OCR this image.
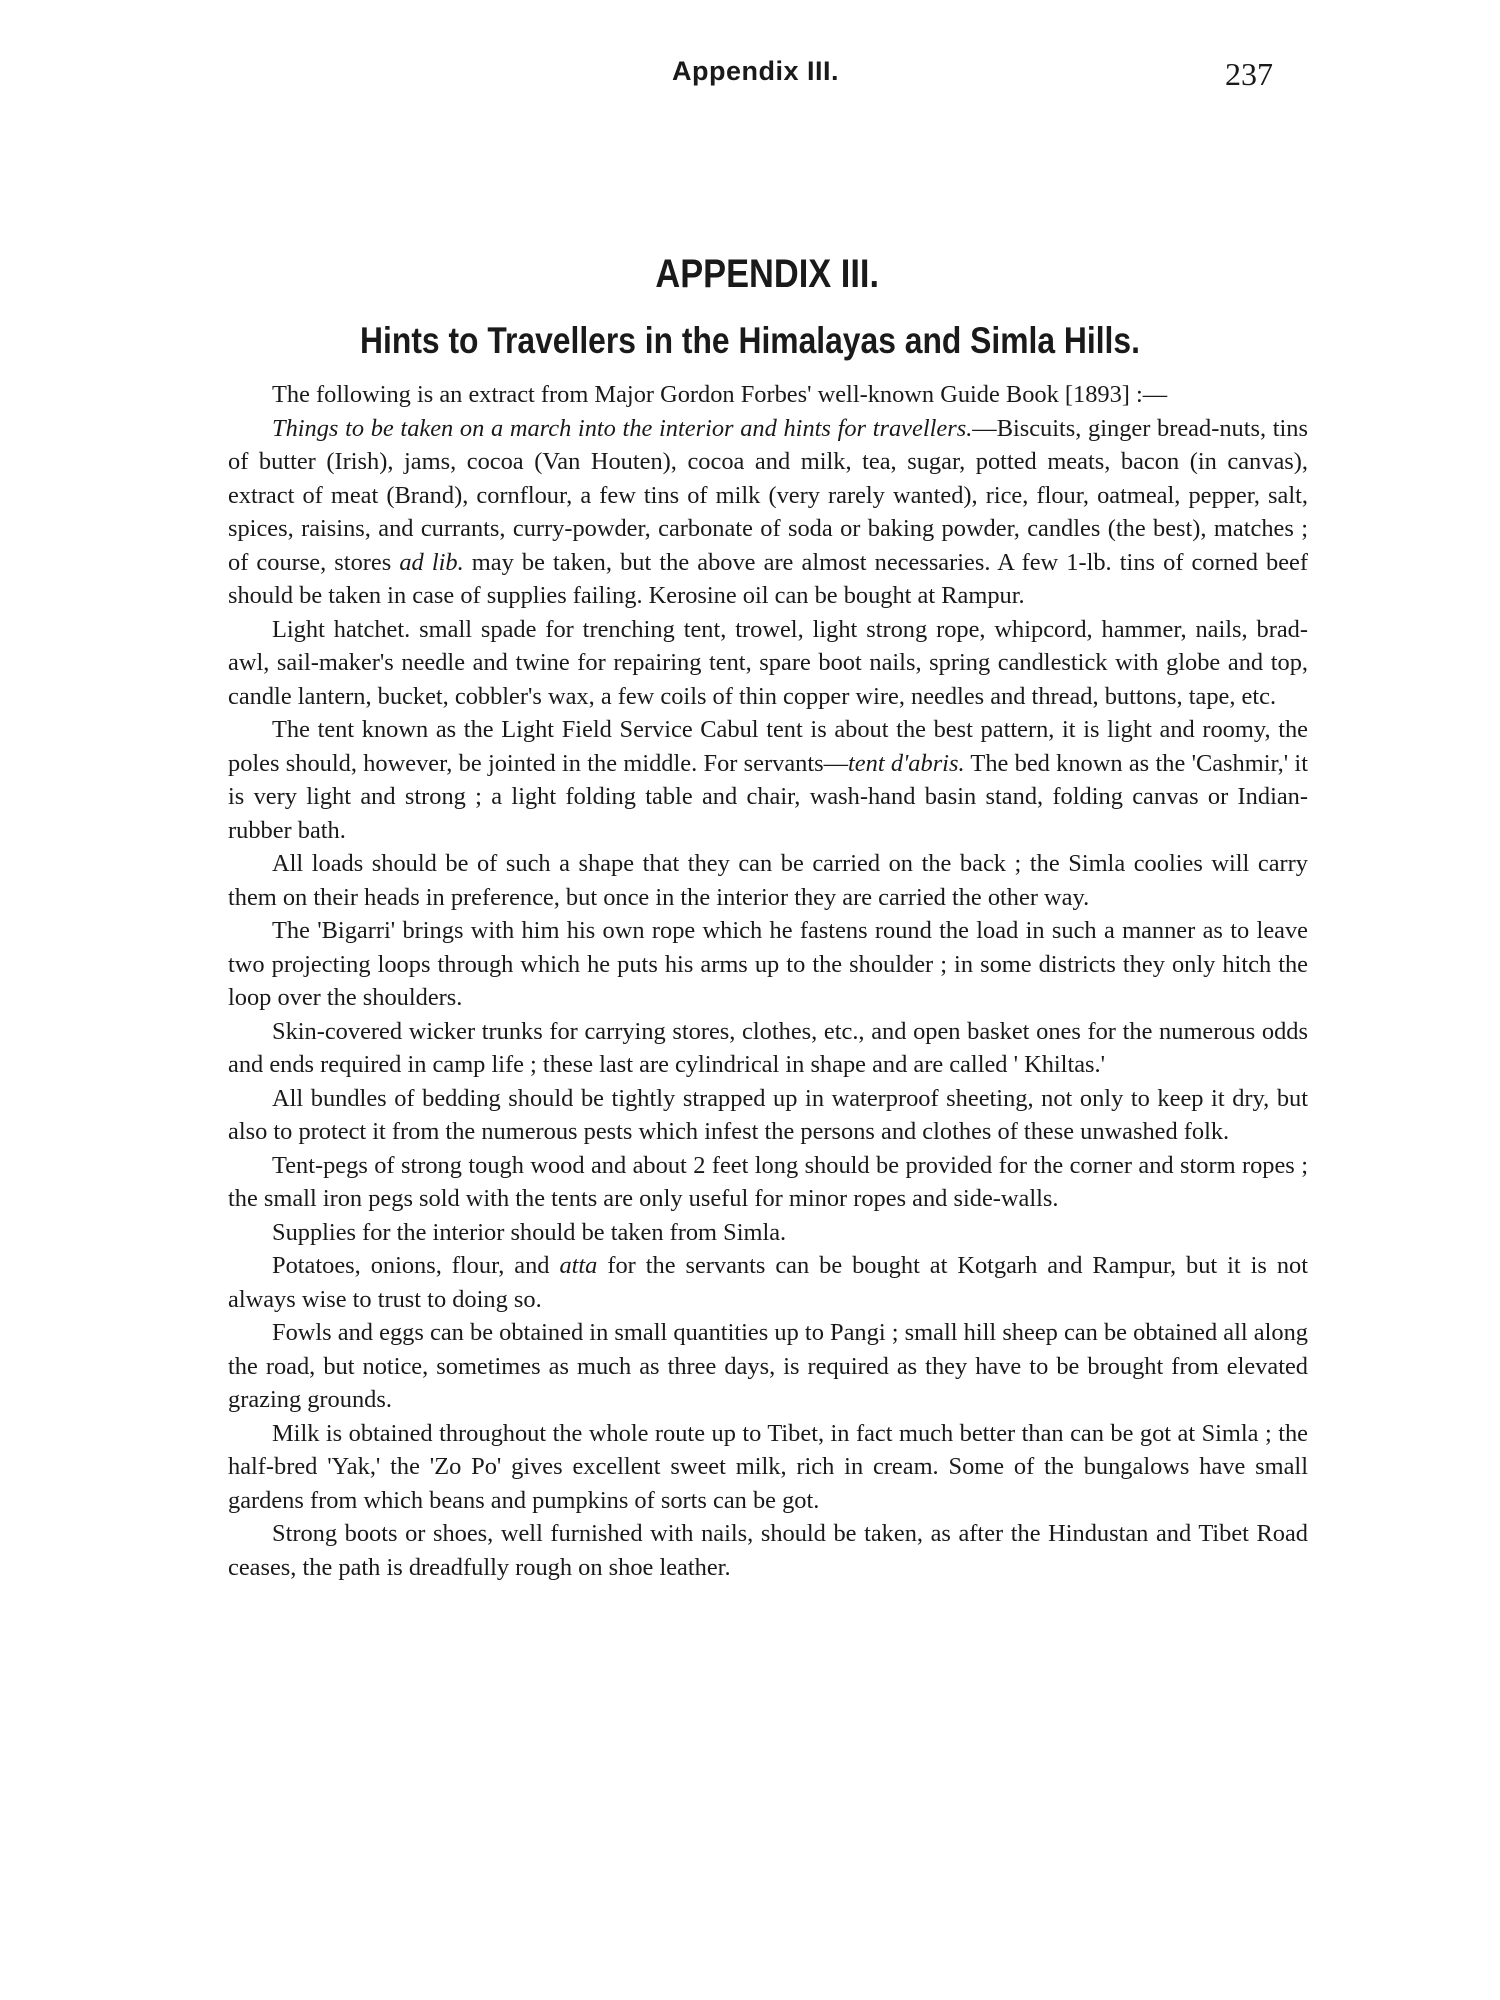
Appendix III.	237
APPENDIX III.
Hints to Travellers in the Himalayas and Simla Hills.

The following is an extract from Major Gordon Forbes' well-known Guide Book [1893] :—

Things to be taken on a march into the interior and hints for travellers.—Biscuits, ginger bread-nuts, tins of butter (Irish), jams, cocoa (Van Houten), cocoa and milk, tea, sugar, potted meats, bacon (in canvas), extract of meat (Brand), cornflour, a few tins of milk (very rarely wanted), rice, flour, oatmeal, pepper, salt, spices, raisins, and currants, curry-powder, carbonate of soda or baking powder, candles (the best), matches ; of course, stores ad lib. may be taken, but the above are almost necessaries. A few 1-lb. tins of corned beef should be taken in case of supplies failing. Kerosine oil can be bought at Rampur.

Light hatchet. small spade for trenching tent, trowel, light strong rope, whipcord, hammer, nails, brad-awl, sail-maker's needle and twine for repairing tent, spare boot nails, spring candlestick with globe and top, candle lantern, bucket, cobbler's wax, a few coils of thin copper wire, needles and thread, buttons, tape, etc.

The tent known as the Light Field Service Cabul tent is about the best pattern, it is light and roomy, the poles should, however, be jointed in the middle. For servants—tent d'abris. The bed known as the 'Cashmir,' it is very light and strong ; a light folding table and chair, wash-hand basin stand, folding canvas or Indian-rubber bath.

All loads should be of such a shape that they can be carried on the back ; the Simla coolies will carry them on their heads in preference, but once in the interior they are carried the other way.

The 'Bigarri' brings with him his own rope which he fastens round the load in such a manner as to leave two projecting loops through which he puts his arms up to the shoulder ; in some districts they only hitch the loop over the shoulders.

Skin-covered wicker trunks for carrying stores, clothes, etc., and open basket ones for the numerous odds and ends required in camp life ; these last are cylindrical in shape and are called ' Khiltas.'

All bundles of bedding should be tightly strapped up in waterproof sheeting, not only to keep it dry, but also to protect it from the numerous pests which infest the persons and clothes of these unwashed folk.

Tent-pegs of strong tough wood and about 2 feet long should be provided for the corner and storm ropes ; the small iron pegs sold with the tents are only useful for minor ropes and side-walls.

Supplies for the interior should be taken from Simla.

Potatoes, onions, flour, and atta for the servants can be bought at Kotgarh and Rampur, but it is not always wise to trust to doing so.

Fowls and eggs can be obtained in small quantities up to Pangi ; small hill sheep can be obtained all along the road, but notice, sometimes as much as three days, is required as they have to be brought from elevated grazing grounds.

Milk is obtained throughout the whole route up to Tibet, in fact much better than can be got at Simla ; the half-bred 'Yak,' the 'Zo Po' gives excellent sweet milk, rich in cream. Some of the bungalows have small gardens from which beans and pumpkins of sorts can be got.

Strong boots or shoes, well furnished with nails, should be taken, as after the Hindustan and Tibet Road ceases, the path is dreadfully rough on shoe leather.
